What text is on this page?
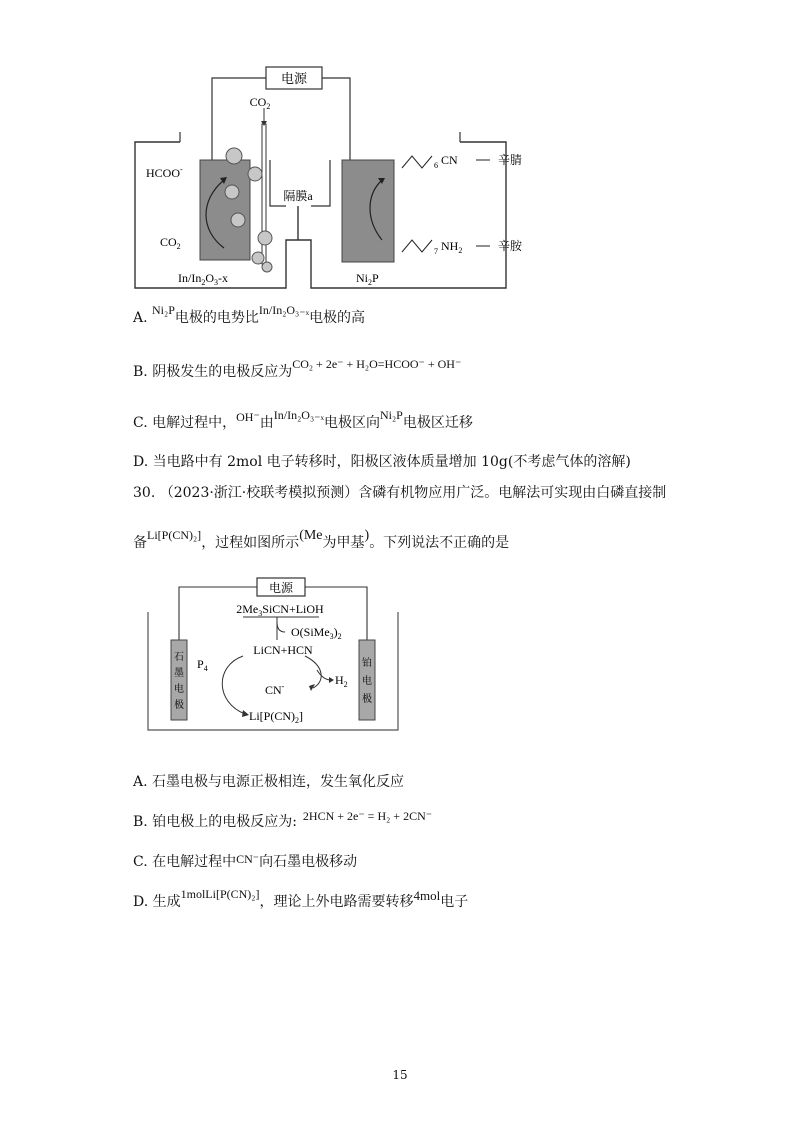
电源
隔膜a
$CO_2$
HCOO-
$CO_2$
$In/In_2O_3-x$	$Ni_2P$
6 CN	辛腈
7 $NH_2$	辛胺
A. Ni₂P电极的电势比In/In₂O₃₋ₓ电极的高
B. 阴极发生的电极反应为CO₂ + 2e⁻ + H₂O=HCOO⁻ + OH⁻
C. 电解过程中，OH⁻由In/In₂O₃₋ₓ电极区向Ni₂P电极区迁移
D. 当电路中有 2mol 电子转移时，阳极区液体质量增加 10g(不考虑气体的溶解)
30. （2023·浙江·校联考模拟预测）含磷有机物应用广泛。电解法可实现由白磷直接制
备Li[P(CN)₂]，过程如图所示(Me为甲基)。下列说法不正确的是
电源
石
墨
电
极
铂
电
极
$2Me_3SiCN+LiOH$
$O(SiMe_3)_2$
LiCN+HCN
$P_4$
CN-	$H_2$
$Li[P(CN)_2]$
A. 石墨电极与电源正极相连，发生氧化反应
B. 铂电极上的电极反应为: 2HCN + 2e⁻ = H₂ + 2CN⁻
C. 在电解过程中CN⁻向石墨电极移动
D. 生成1molLi[P(CN)₂]，理论上外电路需要转移4mol电子
15
